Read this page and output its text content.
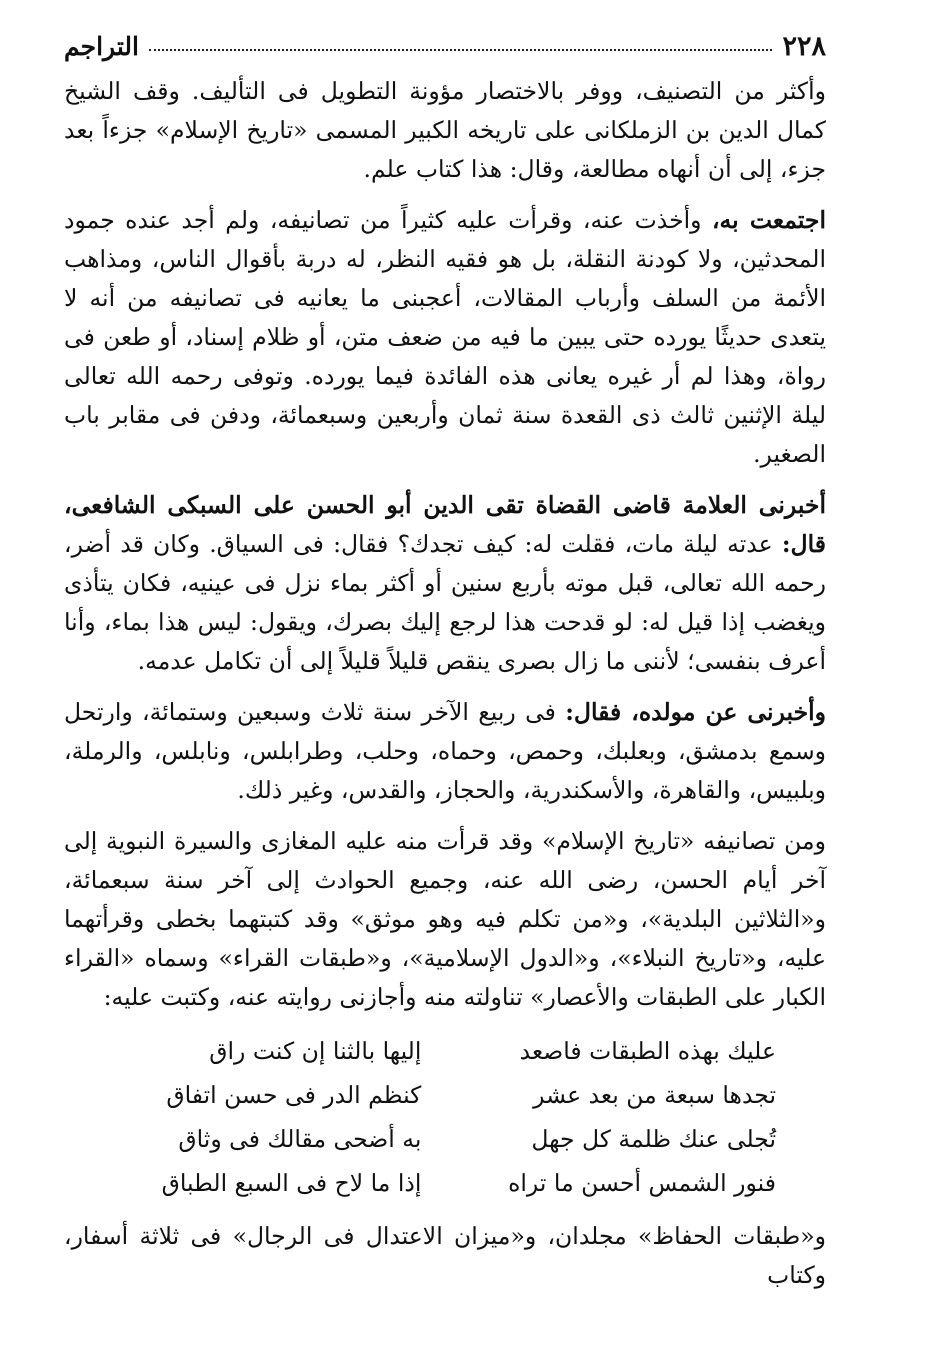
٢٢٨
التراجم

وأكثر من التصنيف، ووفر بالاختصار مؤونة التطويل فى التأليف. وقف الشيخ كمال الدين بن الزملكانى على تاريخه الكبير المسمى «تاريخ الإسلام» جزءاً بعد جزء، إلى أن أنهاه مطالعة، وقال: هذا كتاب علم.

اجتمعت به، وأخذت عنه، وقرأت عليه كثيراً من تصانيفه، ولم أجد عنده جمود المحدثين، ولا كودنة النقلة، بل هو فقيه النظر، له دربة بأقوال الناس، ومذاهب الأئمة من السلف وأرباب المقالات، أعجبنى ما يعانيه فى تصانيفه من أنه لا يتعدى حديثًا يورده حتى يبين ما فيه من ضعف متن، أو ظلام إسناد، أو طعن فى رواة، وهذا لم أر غيره يعانى هذه الفائدة فيما يورده. وتوفى رحمه الله تعالى ليلة الإثنين ثالث ذى القعدة سنة ثمان وأربعين وسبعمائة، ودفن فى مقابر باب الصغير.

أخبرنى العلامة قاضى القضاة تقى الدين أبو الحسن على السبكى الشافعى، قال: عدته ليلة مات، فقلت له: كيف تجدك؟ فقال: فى السياق. وكان قد أضر، رحمه الله تعالى، قبل موته بأربع سنين أو أكثر بماء نزل فى عينيه، فكان يتأذى ويغضب إذا قيل له: لو قدحت هذا لرجع إليك بصرك، ويقول: ليس هذا بماء، وأنا أعرف بنفسى؛ لأننى ما زال بصرى ينقص قليلاً قليلاً إلى أن تكامل عدمه.

وأخبرنى عن مولده، فقال: فى ربيع الآخر سنة ثلاث وسبعين وستمائة، وارتحل وسمع بدمشق، وبعلبك، وحمص، وحماه، وحلب، وطرابلس، ونابلس، والرملة، وبلبيس، والقاهرة، والأسكندرية، والحجاز، والقدس، وغير ذلك.

ومن تصانيفه «تاريخ الإسلام» وقد قرأت منه عليه المغازى والسيرة النبوية إلى آخر أيام الحسن، رضى الله عنه، وجميع الحوادث إلى آخر سنة سبعمائة، و«الثلاثين البلدية»، و«من تكلم فيه وهو موثق» وقد كتبتهما بخطى وقرأتهما عليه، و«تاريخ النبلاء»، و«الدول الإسلامية»، و«طبقات القراء» وسماه «القراء الكبار على الطبقات والأعصار» تناولته منه وأجازنى روايته عنه، وكتبت عليه:

عليك بهذه الطبقات فاصعد
إليها بالثنا إن كنت راق
تجدها سبعة من بعد عشر
كنظم الدر فى حسن اتفاق
تُجلى عنك ظلمة كل جهل
به أضحى مقالك فى وثاق
فنور الشمس أحسن ما تراه
إذا ما لاح فى السبع الطباق

و«طبقات الحفاظ» مجلدان، و«ميزان الاعتدال فى الرجال» فى ثلاثة أسفار، وكتاب
